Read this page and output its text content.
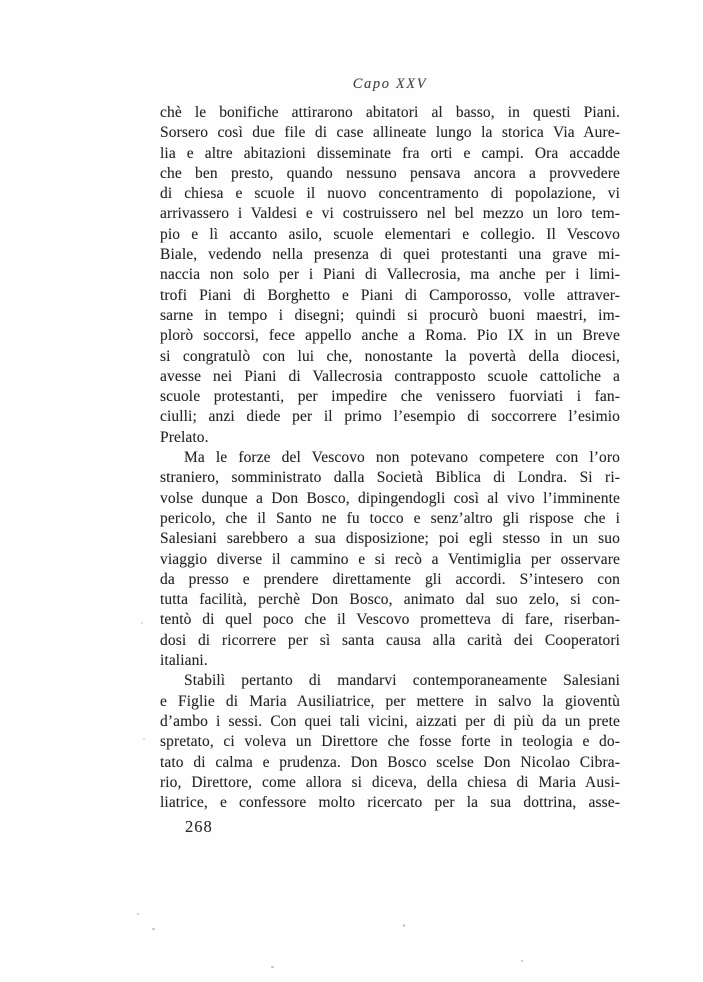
Capo XXV
chè le bonifiche attirarono abitatori al basso, in questi Piani.
Sorsero così due file di case allineate lungo la storica Via Aure-
lia e altre abitazioni disseminate fra orti e campi. Ora accadde
che ben presto, quando nessuno pensava ancora a provvedere
di chiesa e scuole il nuovo concentramento di popolazione, vi
arrivassero i Valdesi e vi costruissero nel bel mezzo un loro tem-
pio e lì accanto asilo, scuole elementari e collegio. Il Vescovo
Biale, vedendo nella presenza di quei protestanti una grave mi-
naccia non solo per i Piani di Vallecrosia, ma anche per i limi-
trofi Piani di Borghetto e Piani di Camporosso, volle attraver-
sarne in tempo i disegni; quindi si procurò buoni maestri, im-
plorò soccorsi, fece appello anche a Roma. Pio IX in un Breve
si congratulò con lui che, nonostante la povertà della diocesi,
avesse nei Piani di Vallecrosia contrapposto scuole cattoliche a
scuole protestanti, per impedire che venissero fuorviati i fan-
ciulli; anzi diede per il primo l’esempio di soccorrere l’esimio
Prelato.
Ma le forze del Vescovo non potevano competere con l’oro
straniero, somministrato dalla Società Biblica di Londra. Si ri-
volse dunque a Don Bosco, dipingendogli così al vivo l’imminente
pericolo, che il Santo ne fu tocco e senz’altro gli rispose che i
Salesiani sarebbero a sua disposizione; poi egli stesso in un suo
viaggio diverse il cammino e si recò a Ventimiglia per osservare
da presso e prendere direttamente gli accordi. S’intesero con
tutta facilità, perchè Don Bosco, animato dal suo zelo, si con-
tentò di quel poco che il Vescovo prometteva di fare, riserban-
dosi di ricorrere per sì santa causa alla carità dei Cooperatori
italiani.
Stabilì pertanto di mandarvi contemporaneamente Salesiani
e Figlie di Maria Ausiliatrice, per mettere in salvo la gioventù
d’ambo i sessi. Con quei tali vicini, aizzati per di più da un prete
spretato, ci voleva un Direttore che fosse forte in teologia e do-
tato di calma e prudenza. Don Bosco scelse Don Nicolao Cibra-
rio, Direttore, come allora si diceva, della chiesa di Maria Ausi-
liatrice, e confessore molto ricercato per la sua dottrina, asse-
268
